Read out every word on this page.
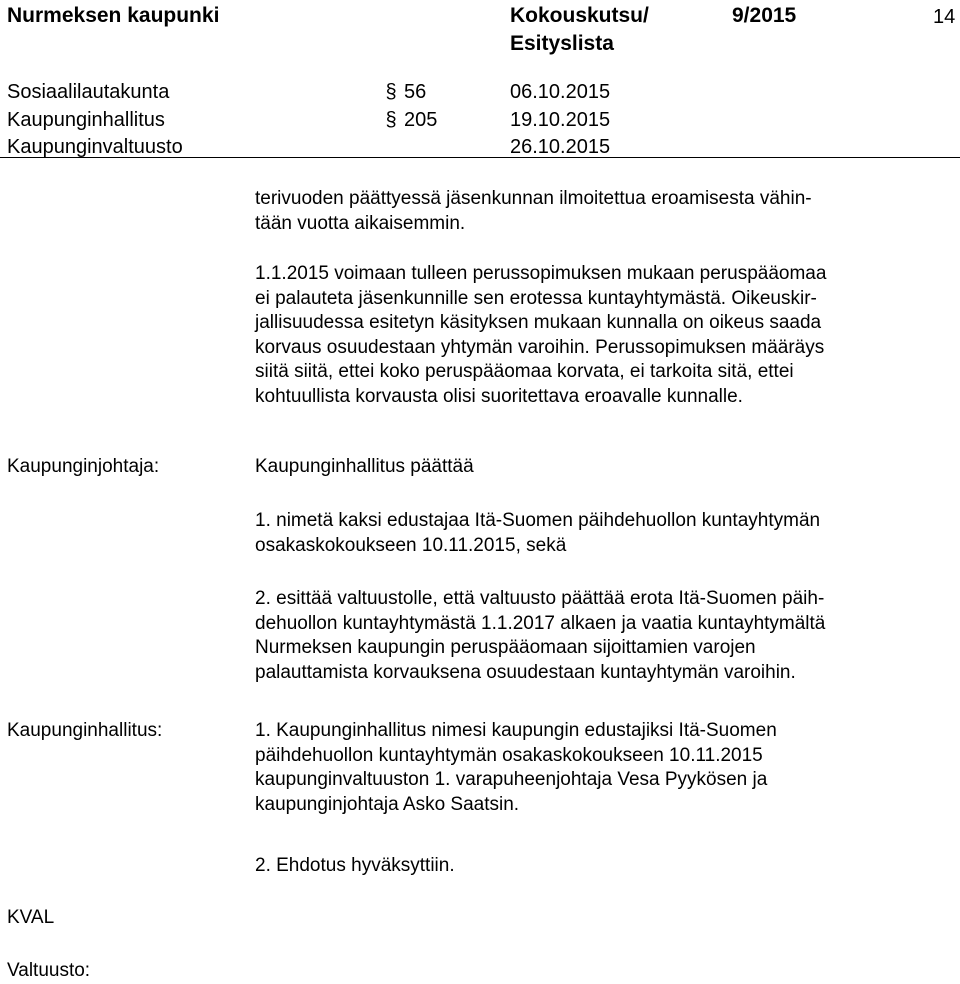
Nurmeksen kaupunki	Kokouskutsu/
Esityslista
9/2015	14
Sosiaalilautakunta	§ 56	06.10.2015
Kaupunginhallitus	§ 205	19.10.2015
Kaupunginvaltuusto	26.10.2015
terivuoden päättyessä jäsenkunnan ilmoitettua eroamisesta vähin-
tään vuotta aikaisemmin.
1.1.2015 voimaan tulleen perussopimuksen mukaan peruspääomaa
ei palauteta jäsenkunnille sen erotessa kuntayhtymästä. Oikeuskir-
jallisuudessa esitetyn käsityksen mukaan kunnalla on oikeus saada
korvaus osuudestaan yhtymän varoihin. Perussopimuksen määräys
siitä siitä, ettei koko peruspääomaa korvata, ei tarkoita sitä, ettei
kohtuullista korvausta olisi suoritettava eroavalle kunnalle.
Kaupunginjohtaja:	Kaupunginhallitus päättää
1. nimetä kaksi edustajaa Itä-Suomen päihdehuollon kuntayhtymän
osakaskokoukseen 10.11.2015, sekä
2. esittää valtuustolle, että valtuusto päättää erota Itä-Suomen päih-
dehuollon kuntayhtymästä 1.1.2017 alkaen ja vaatia kuntayhtymältä
Nurmeksen kaupungin peruspääomaan sijoittamien varojen
palauttamista korvauksena osuudestaan kuntayhtymän varoihin.
Kaupunginhallitus:	1. Kaupunginhallitus nimesi kaupungin edustajiksi Itä-Suomen
päihdehuollon kuntayhtymän osakaskokoukseen 10.11.2015
kaupunginvaltuuston 1. varapuheenjohtaja Vesa Pyykösen ja
kaupunginjohtaja Asko Saatsin.
2. Ehdotus hyväksyttiin.
KVAL
Valtuusto:
